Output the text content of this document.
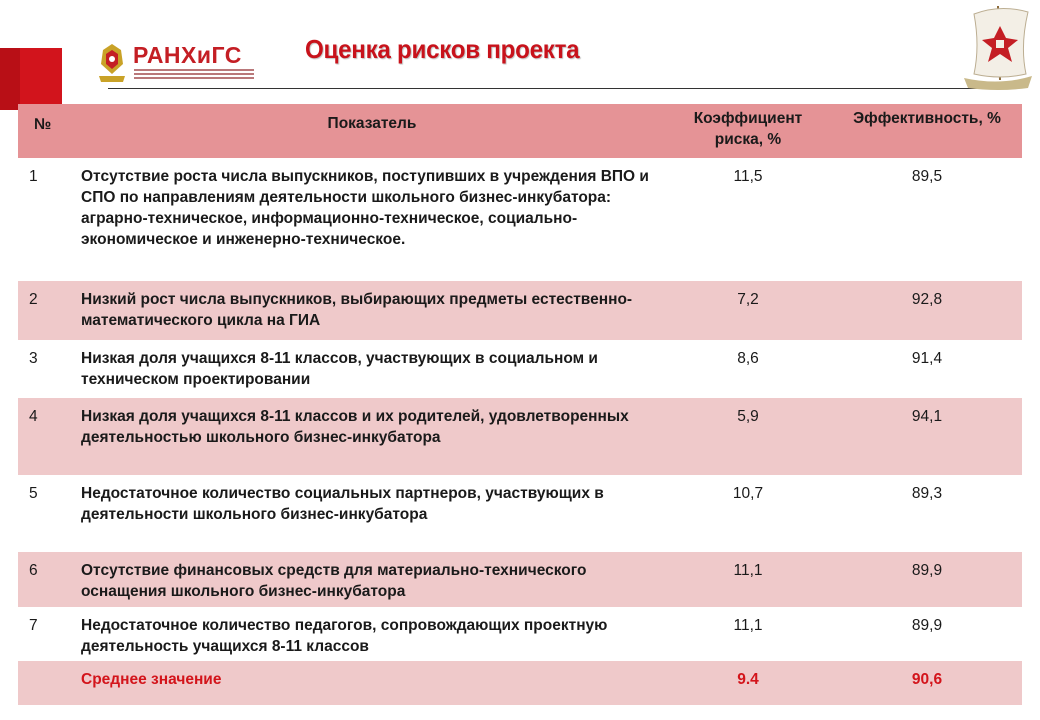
РАНХиГС Оценка рисков проекта
№	Показатель	Коэффициент риска, %	Эффективность, %
1	Отсутствие роста числа выпускников, поступивших в учреждения ВПО и СПО по направлениям деятельности школьного бизнес-инкубатора: аграрно-техническое, информационно-техническое, социально-экономическое и инженерно-техническое.	11,5	89,5
2	Низкий рост числа выпускников, выбирающих предметы естественно-математического цикла на ГИА	7,2	92,8
3	Низкая доля учащихся 8-11 классов, участвующих в социальном и техническом проектировании	8,6	91,4
4	Низкая доля учащихся 8-11 классов и их родителей, удовлетворенных деятельностью школьного бизнес-инкубатора	5,9	94,1
5	Недостаточное количество социальных партнеров, участвующих в деятельности школьного бизнес-инкубатора	10,7	89,3
6	Отсутствие финансовых средств для материально-технического оснащения школьного бизнес-инкубатора	11,1	89,9
7	Недостаточное количество педагогов, сопровождающих проектную деятельность учащихся 8-11 классов	11,1	89,9
	Среднее значение	9.4	90,6
